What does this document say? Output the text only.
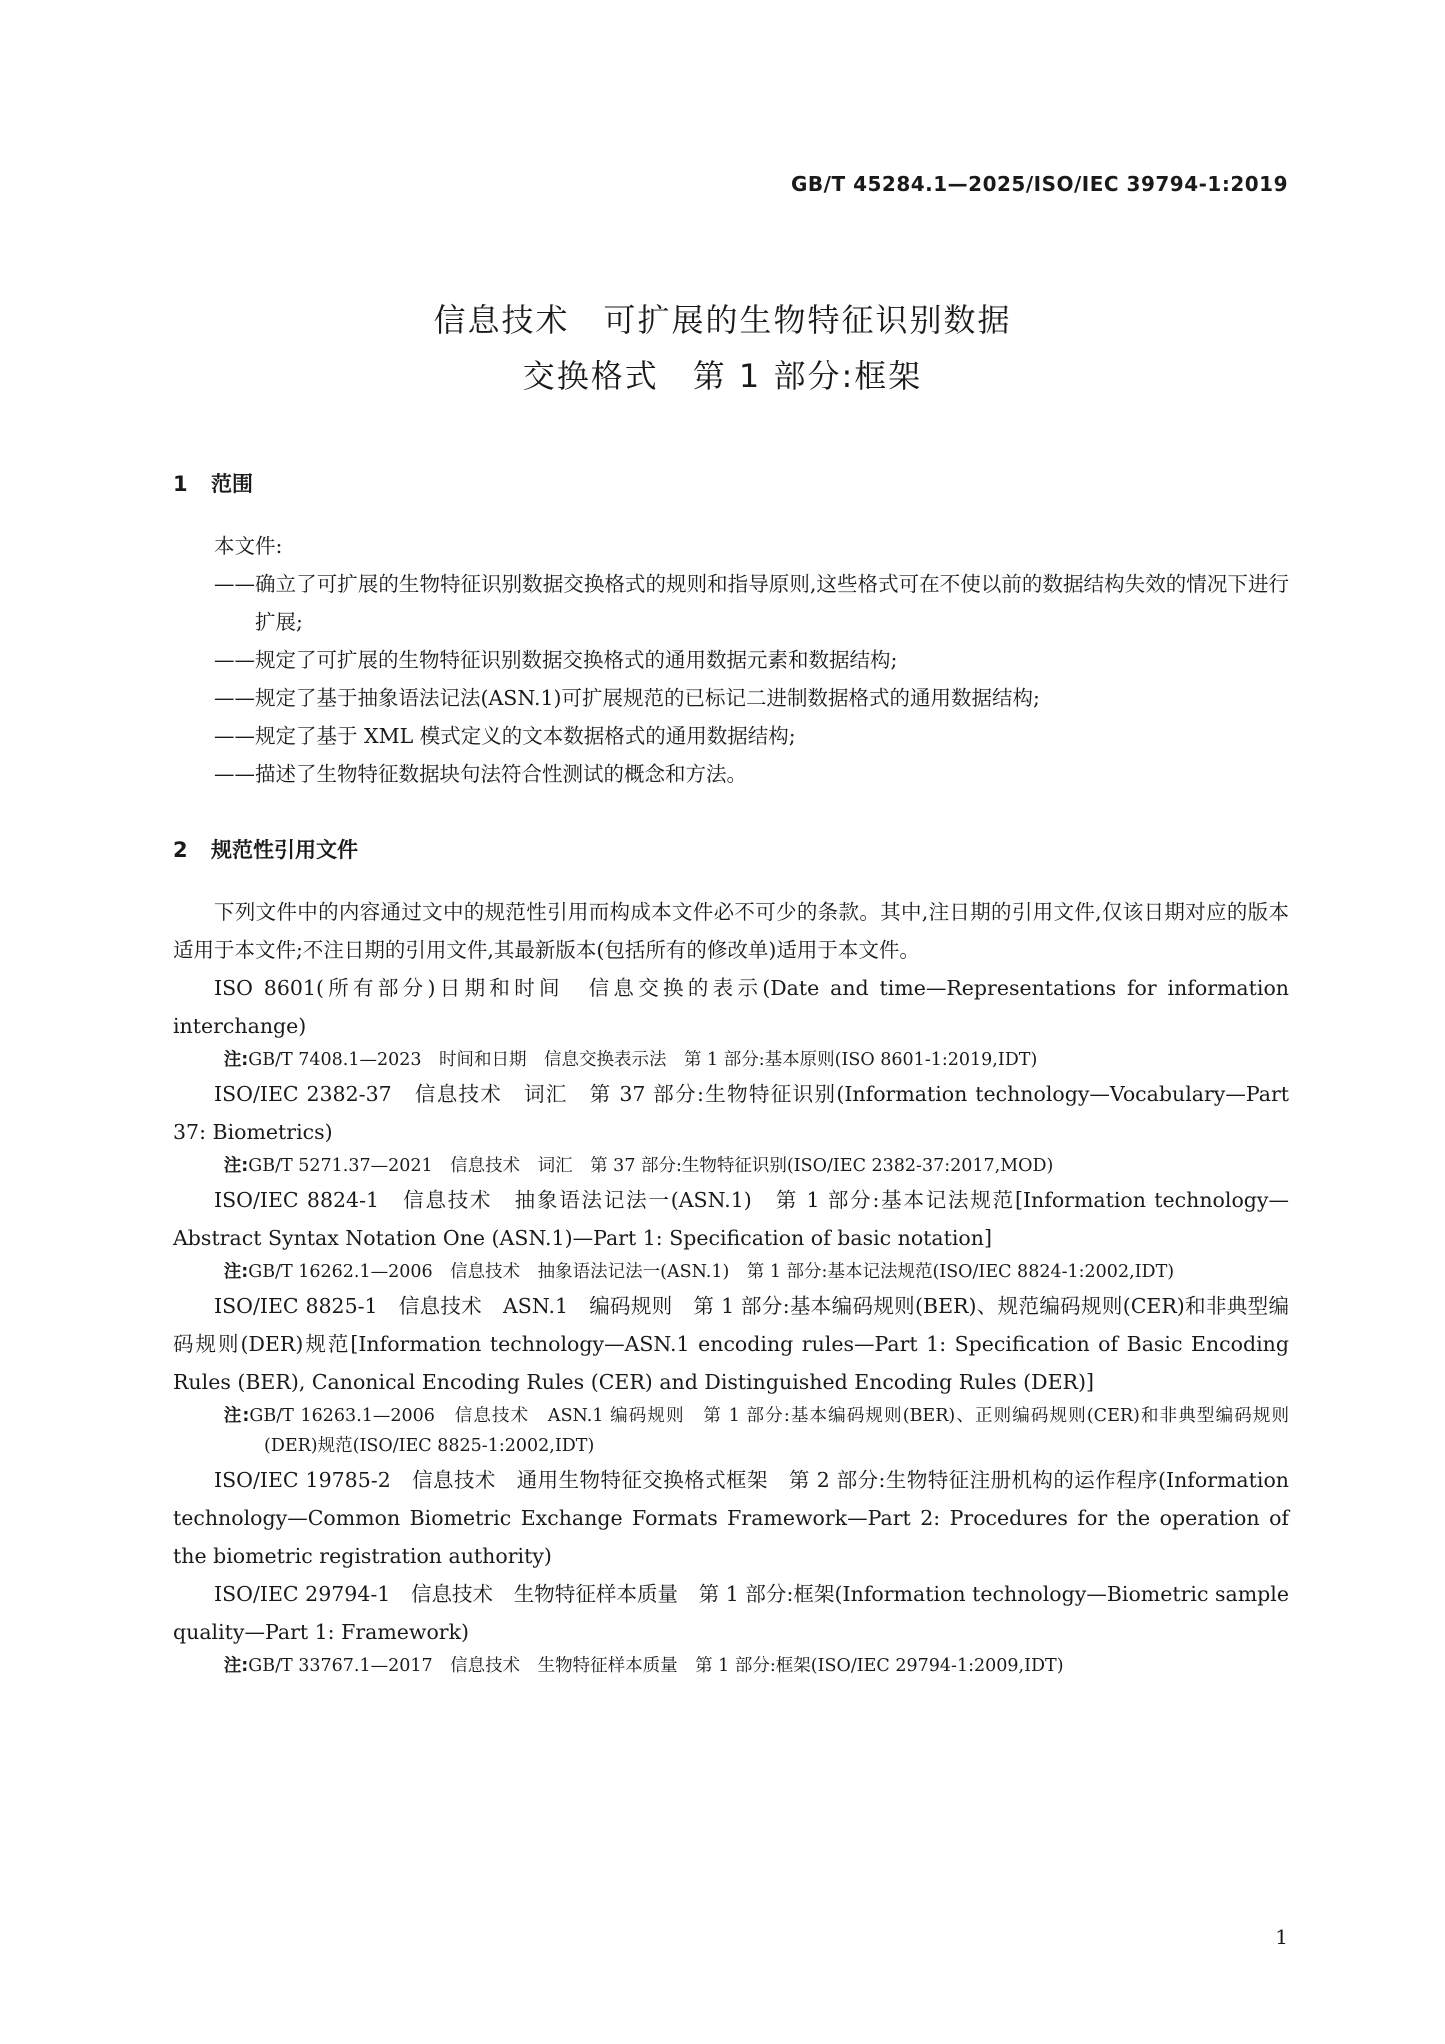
GB/T 45284.1—2025/ISO/IEC 39794-1:2019
信息技术　可扩展的生物特征识别数据
交换格式　第 1 部分:框架
1 范围

本文件:

——确立了可扩展的生物特征识别数据交换格式的规则和指导原则,这些格式可在不使以前的数据结构失效的情况下进行扩展;

——规定了可扩展的生物特征识别数据交换格式的通用数据元素和数据结构;

——规定了基于抽象语法记法(ASN.1)可扩展规范的已标记二进制数据格式的通用数据结构;

——规定了基于 XML 模式定义的文本数据格式的通用数据结构;

——描述了生物特征数据块句法符合性测试的概念和方法。

2 规范性引用文件

下列文件中的内容通过文中的规范性引用而构成本文件必不可少的条款。其中,注日期的引用文件,仅该日期对应的版本适用于本文件;不注日期的引用文件,其最新版本(包括所有的修改单)适用于本文件。

ISO 8601(所有部分)日期和时间　信息交换的表示(Date and time—Representations for information interchange)

注:GB/T 7408.1—2023　时间和日期　信息交换表示法　第 1 部分:基本原则(ISO 8601-1:2019,IDT)

ISO/IEC 2382-37　信息技术　词汇　第 37 部分:生物特征识别(Information technology—Vocabulary—Part 37: Biometrics)

注:GB/T 5271.37—2021　信息技术　词汇　第 37 部分:生物特征识别(ISO/IEC 2382-37:2017,MOD)

ISO/IEC 8824-1　信息技术　抽象语法记法一(ASN.1)　第 1 部分:基本记法规范[Information technology—Abstract Syntax Notation One (ASN.1)—Part 1: Specification of basic notation]

注:GB/T 16262.1—2006　信息技术　抽象语法记法一(ASN.1)　第 1 部分:基本记法规范(ISO/IEC 8824-1:2002,IDT)

ISO/IEC 8825-1　信息技术　ASN.1　编码规则　第 1 部分:基本编码规则(BER)、规范编码规则(CER)和非典型编码规则(DER)规范[Information technology—ASN.1 encoding rules—Part 1: Specification of Basic Encoding Rules (BER), Canonical Encoding Rules (CER) and Distinguished Encoding Rules (DER)]

注:GB/T 16263.1—2006　信息技术　ASN.1 编码规则　第 1 部分:基本编码规则(BER)、正则编码规则(CER)和非典型编码规则(DER)规范(ISO/IEC 8825-1:2002,IDT)

ISO/IEC 19785-2　信息技术　通用生物特征交换格式框架　第 2 部分:生物特征注册机构的运作程序(Information technology—Common Biometric Exchange Formats Framework—Part 2: Procedures for the operation of the biometric registration authority)

ISO/IEC 29794-1　信息技术　生物特征样本质量　第 1 部分:框架(Information technology—Biometric sample quality—Part 1: Framework)

注:GB/T 33767.1—2017　信息技术　生物特征样本质量　第 1 部分:框架(ISO/IEC 29794-1:2009,IDT)

1
